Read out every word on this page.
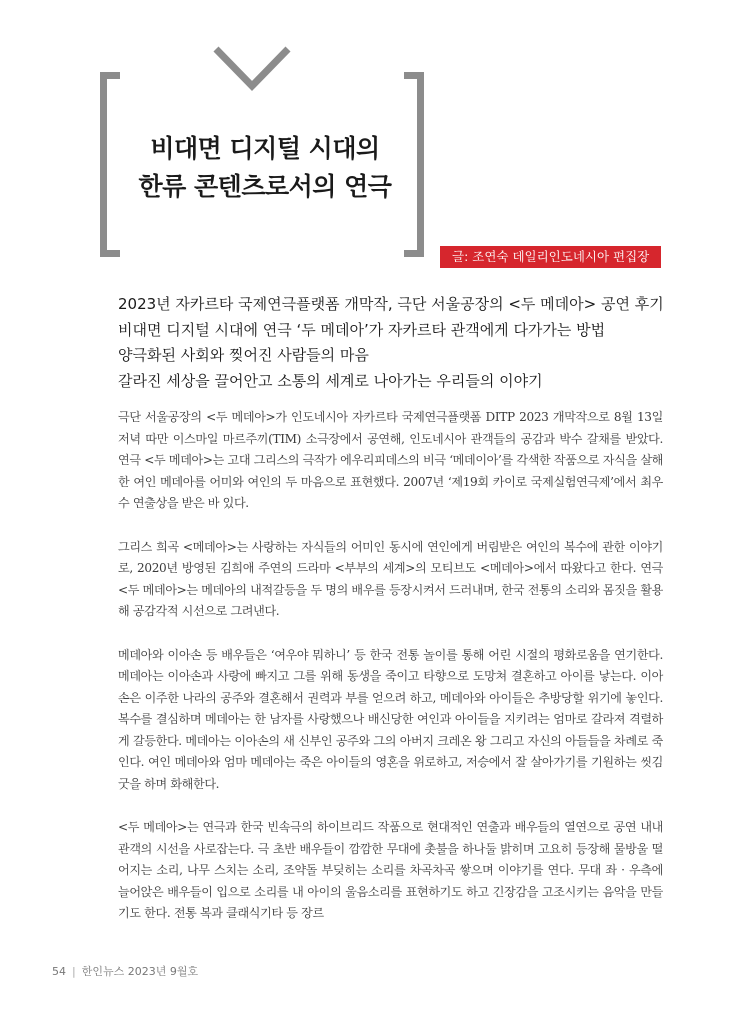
비대면 디지털 시대의
한류 콘텐츠로서의 연극
글: 조연숙 데일리인도네시아 편집장
2023년 자카르타 국제연극플랫폼 개막작, 극단 서울공장의 <두 메데아> 공연 후기
비대면 디지털 시대에 연극 ‘두 메데아’가 자카르타 관객에게 다가가는 방법
양극화된 사회와 찢어진 사람들의 마음
갈라진 세상을 끌어안고 소통의 세계로 나아가는 우리들의 이야기

극단 서울공장의 <두 메데아>가 인도네시아 자카르타 국제연극플랫폼 DITP 2023 개막작으로 8월 13일 저녁 따만 이스마일 마르주끼(TIM) 소극장에서 공연해, 인도네시아 관객들의 공감과 박수 갈채를 받았다. 연극 <두 메데아>는 고대 그리스의 극작가 에우리피데스의 비극 ‘메데이아’를 각색한 작품으로 자식을 살해한 여인 메데아를 어미와 여인의 두 마음으로 표현했다. 2007년 ‘제19회 카이로 국제실험연극제’에서 최우수 연출상을 받은 바 있다.

그리스 희곡 <메데아>는 사랑하는 자식들의 어미인 동시에 연인에게 버림받은 여인의 복수에 관한 이야기로, 2020년 방영된 김희애 주연의 드라마 <부부의 세계>의 모티브도 <메데아>에서 따왔다고 한다. 연극 <두 메데아>는 메데아의 내적갈등을 두 명의 배우를 등장시켜서 드러내며, 한국 전통의 소리와 몸짓을 활용해 공감각적 시선으로 그려낸다.

메데아와 이아손 등 배우들은 ‘여우야 뭐하니’ 등 한국 전통 놀이를 통해 어린 시절의 평화로움을 연기한다. 메데아는 이아손과 사랑에 빠지고 그를 위해 동생을 죽이고 타향으로 도망쳐 결혼하고 아이를 낳는다. 이아손은 이주한 나라의 공주와 결혼해서 권력과 부를 얻으려 하고, 메데아와 아이들은 추방당할 위기에 놓인다. 복수를 결심하며 메데아는 한 남자를 사랑했으나 배신당한 여인과 아이들을 지키려는 엄마로 갈라져 격렬하게 갈등한다. 메데아는 이아손의 새 신부인 공주와 그의 아버지 크레온 왕 그리고 자신의 아들들을 차례로 죽인다. 여인 메데아와 엄마 메데아는 죽은 아이들의 영혼을 위로하고, 저승에서 잘 살아가기를 기원하는 씻김굿을 하며 화해한다.

<두 메데아>는 연극과 한국 빈속극의 하이브리드 작품으로 현대적인 연출과 배우들의 열연으로 공연 내내 관객의 시선을 사로잡는다. 극 초반 배우들이 깜깜한 무대에 촛불을 하나둘 밝히며 고요히 등장해 물방울 떨어지는 소리, 나무 스치는 소리, 조약돌 부딪히는 소리를 차곡차곡 쌓으며 이야기를 연다. 무대 좌 · 우측에 늘어앉은 배우들이 입으로 소리를 내 아이의 울음소리를 표현하기도 하고 긴장감을 고조시키는 음악을 만들기도 한다. 전통 복과 클래식기타 등 장르

54 | 한인뉴스 2023년 9월호
